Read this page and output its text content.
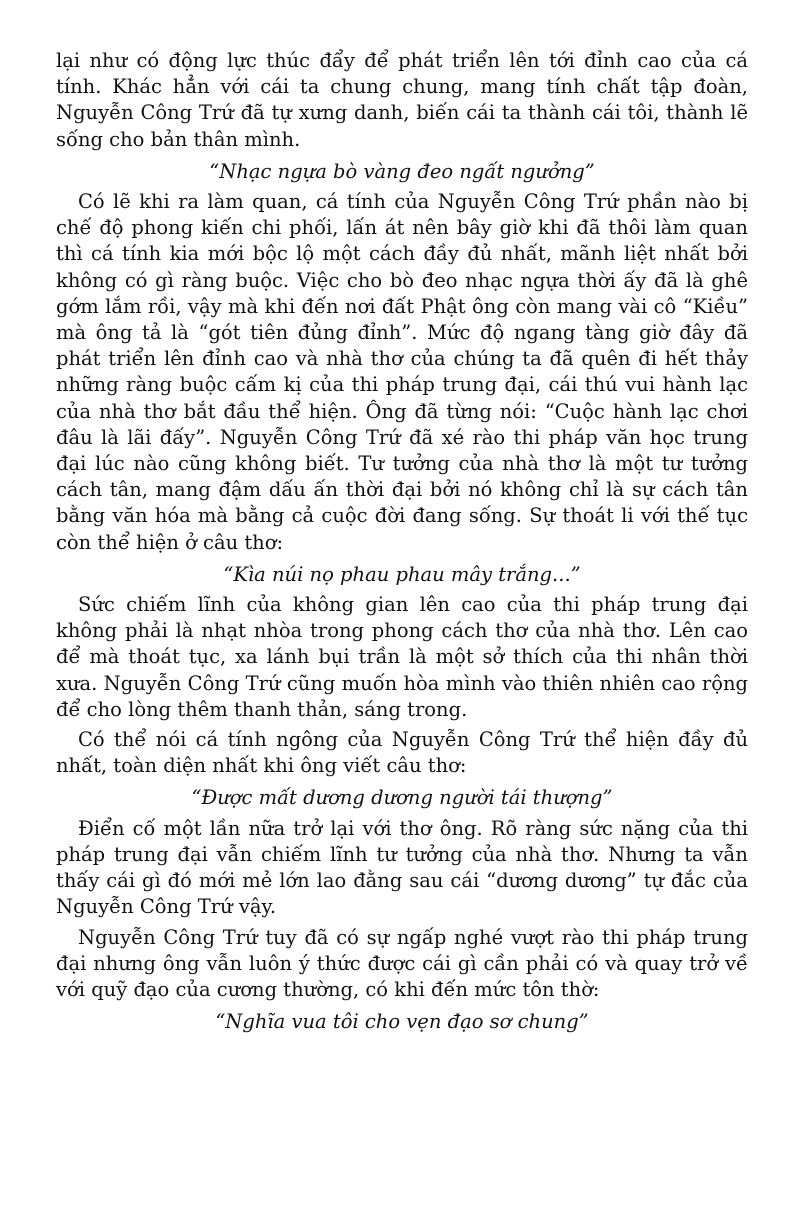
lại như có động lực thúc đẩy để phát triển lên tới đỉnh cao của cá tính. Khác hẳn với cái ta chung chung, mang tính chất tập đoàn, Nguyễn Công Trứ đã tự xưng danh, biến cái ta thành cái tôi, thành lẽ sống cho bản thân mình.

“Nhạc ngựa bò vàng đeo ngất ngưởng”

Có lẽ khi ra làm quan, cá tính của Nguyễn Công Trứ phần nào bị chế độ phong kiến chi phối, lấn át nên bây giờ khi đã thôi làm quan thì cá tính kia mới bộc lộ một cách đầy đủ nhất, mãnh liệt nhất bởi không có gì ràng buộc. Việc cho bò đeo nhạc ngựa thời ấy đã là ghê gớm lắm rồi, vậy mà khi đến nơi đất Phật ông còn mang vài cô “Kiều” mà ông tả là “gót tiên đủng đỉnh”. Mức độ ngang tàng giờ đây đã phát triển lên đỉnh cao và nhà thơ của chúng ta đã quên đi hết thảy những ràng buộc cấm kị của thi pháp trung đại, cái thú vui hành lạc của nhà thơ bắt đầu thể hiện. Ông đã từng nói: “Cuộc hành lạc chơi đâu là lãi đấy”. Nguyễn Công Trứ đã xé rào thi pháp văn học trung đại lúc nào cũng không biết. Tư tưởng của nhà thơ là một tư tưởng cách tân, mang đậm dấu ấn thời đại bởi nó không chỉ là sự cách tân bằng văn hóa mà bằng cả cuộc đời đang sống. Sự thoát li với thế tục còn thể hiện ở câu thơ:

“Kìa núi nọ phau phau mây trắng...”

Sức chiếm lĩnh của không gian lên cao của thi pháp trung đại không phải là nhạt nhòa trong phong cách thơ của nhà thơ. Lên cao để mà thoát tục, xa lánh bụi trần là một sở thích của thi nhân thời xưa. Nguyễn Công Trứ cũng muốn hòa mình vào thiên nhiên cao rộng để cho lòng thêm thanh thản, sáng trong.

Có thể nói cá tính ngông của Nguyễn Công Trứ thể hiện đầy đủ nhất, toàn diện nhất khi ông viết câu thơ:

“Được mất dương dương người tái thượng”

Điển cố một lần nữa trở lại với thơ ông. Rõ ràng sức nặng của thi pháp trung đại vẫn chiếm lĩnh tư tưởng của nhà thơ. Nhưng ta vẫn thấy cái gì đó mới mẻ lớn lao đằng sau cái “dương dương” tự đắc của Nguyễn Công Trứ vậy.

Nguyễn Công Trứ tuy đã có sự ngấp nghé vượt rào thi pháp trung đại nhưng ông vẫn luôn ý thức được cái gì cần phải có và quay trở về với quỹ đạo của cương thường, có khi đến mức tôn thờ:

“Nghĩa vua tôi cho vẹn đạo sơ chung”
